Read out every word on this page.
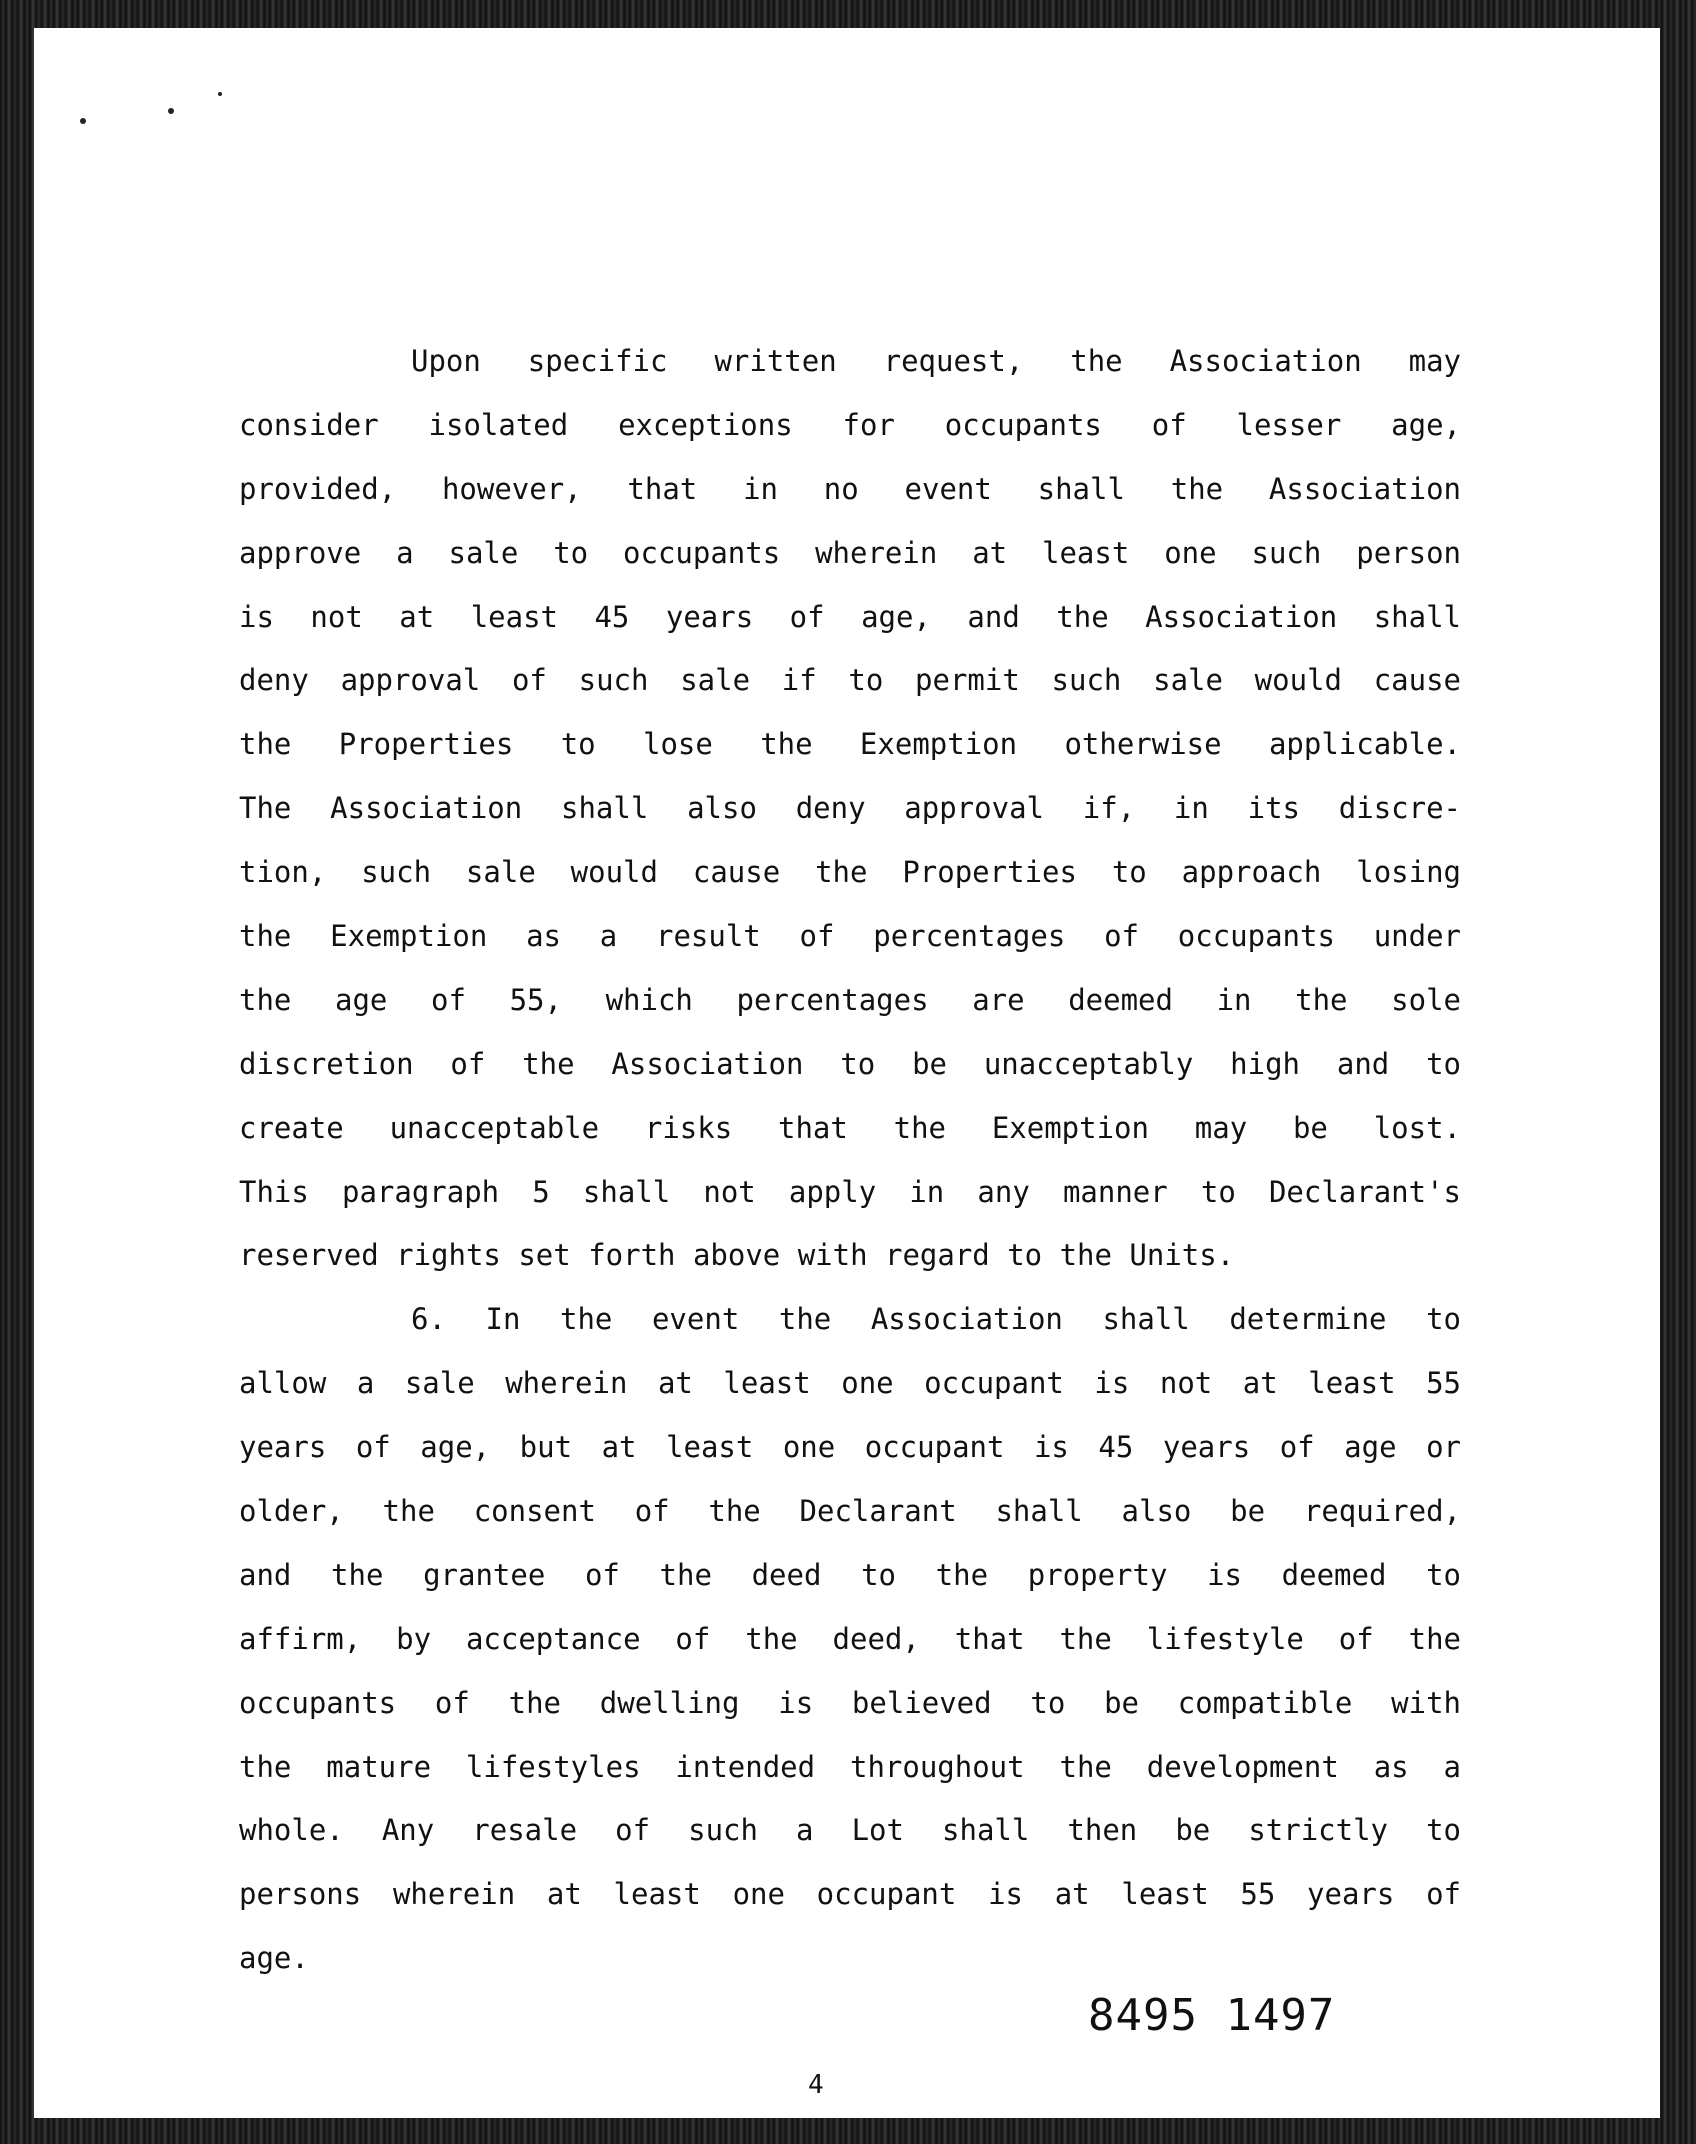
Upon specific written request, the Association may
consider isolated exceptions for occupants of lesser age,
provided, however, that in no event shall the Association
approve a sale to occupants wherein at least one such person
is not at least 45 years of age, and the Association shall
deny approval of such sale if to permit such sale would cause
the Properties to lose the Exemption otherwise applicable.
The Association shall also deny approval if, in its discre-
tion, such sale would cause the Properties to approach losing
the Exemption as a result of percentages of occupants under
the age of 55, which percentages are deemed in the sole
discretion of the Association to be unacceptably high and to
create unacceptable risks that the Exemption may be lost.
This paragraph 5 shall not apply in any manner to Declarant's
reserved rights set forth above with regard to the Units.
6. In the event the Association shall determine to
allow a sale wherein at least one occupant is not at least 55
years of age, but at least one occupant is 45 years of age or
older, the consent of the Declarant shall also be required,
and the grantee of the deed to the property is deemed to
affirm, by acceptance of the deed, that the lifestyle of the
occupants of the dwelling is believed to be compatible with
the mature lifestyles intended throughout the development as a
whole. Any resale of such a Lot shall then be strictly to
persons wherein at least one occupant is at least 55 years of
age.
8495 1497
4
